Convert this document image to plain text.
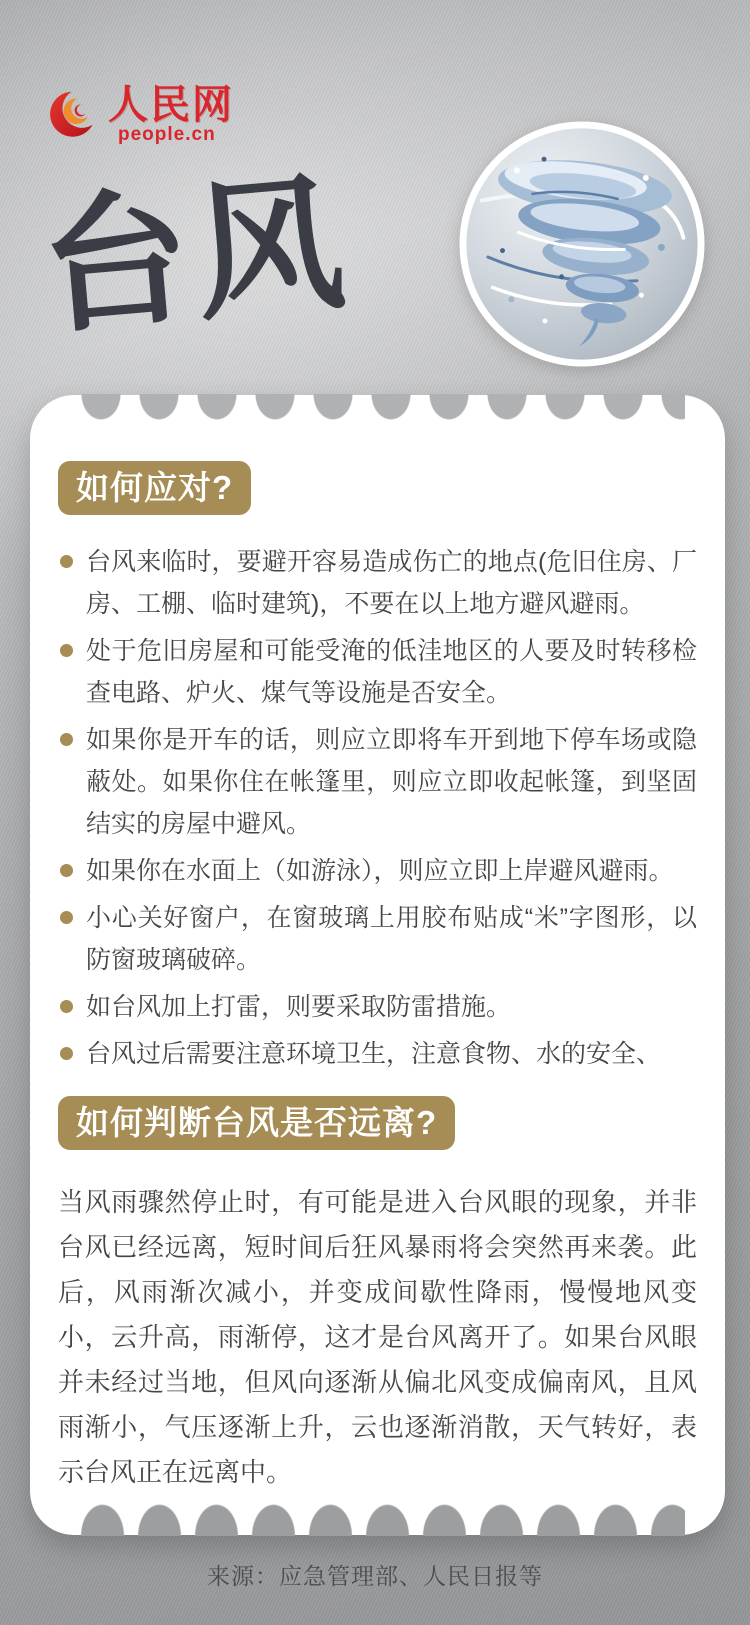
人民网
people.cn
台风
如何应对?
台风来临时，要避开容易造成伤亡的地点(危旧住房、厂房、工棚、临时建筑)，不要在以上地方避风避雨。
处于危旧房屋和可能受淹的低洼地区的人要及时转移检查电路、炉火、煤气等设施是否安全。
如果你是开车的话，则应立即将车开到地下停车场或隐蔽处。如果你住在帐篷里，则应立即收起帐篷，到坚固结实的房屋中避风。
如果你在水面上（如游泳），则应立即上岸避风避雨。
小心关好窗户，在窗玻璃上用胶布贴成“米”字图形，以防窗玻璃破碎。
如台风加上打雷，则要采取防雷措施。
台风过后需要注意环境卫生，注意食物、水的安全、
如何判断台风是否远离?

当风雨骤然停止时，有可能是进入台风眼的现象，并非台风已经远离，短时间后狂风暴雨将会突然再来袭。此后，风雨渐次减小，并变成间歇性降雨，慢慢地风变小，云升高，雨渐停，这才是台风离开了。如果台风眼并未经过当地，但风向逐渐从偏北风变成偏南风，且风雨渐小，气压逐渐上升，云也逐渐消散，天气转好，表示台风正在远离中。

来源：应急管理部、人民日报等
